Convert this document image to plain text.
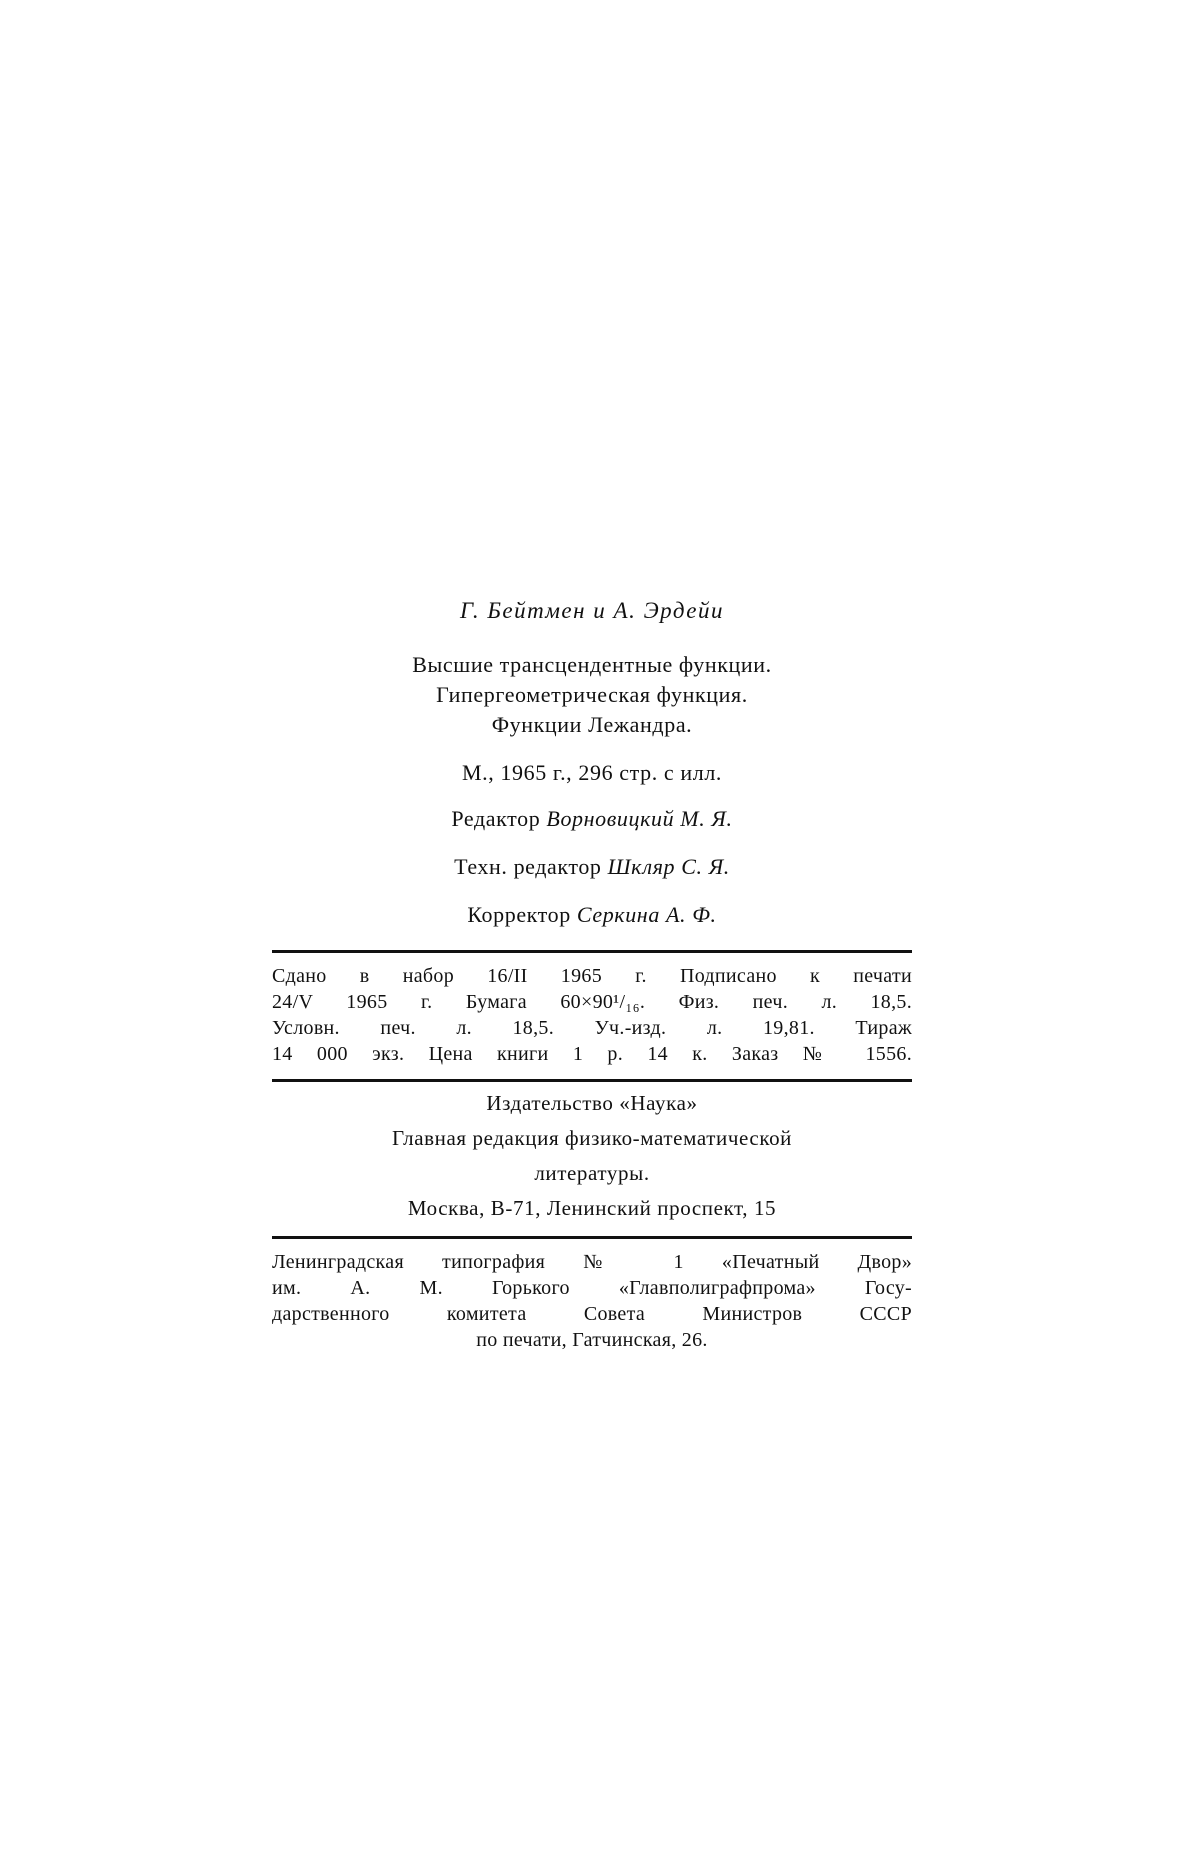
Г. Бейтмен и А. Эрдейи

Высшие трансцендентные функции.
Гипергеометрическая функция.
Функции Лежандра.
М., 1965 г., 296 стр. с илл.
Редактор Ворновицкий М. Я.
Техн. редактор Шкляр С. Я.
Корректор Серкина А. Ф.
Сдано в набор 16/II 1965 г. Подписано к печати
24/V 1965 г. Бумага 60×90¹/₁₆. Физ. печ. л. 18,5.
Условн. печ. л. 18,5. Уч.-изд. л. 19,81. Тираж
14 000 экз. Цена книги 1 р. 14 к. Заказ № 1556.
Издательство «Наука»
Главная редакция физико-математической
литературы.
Москва, В-71, Ленинский проспект, 15
Ленинградская типография № 1 «Печатный Двор»
им. А. М. Горького «Главполиграфпрома» Госу-
дарственного комитета Совета Министров СССР
по печати, Гатчинская, 26.
